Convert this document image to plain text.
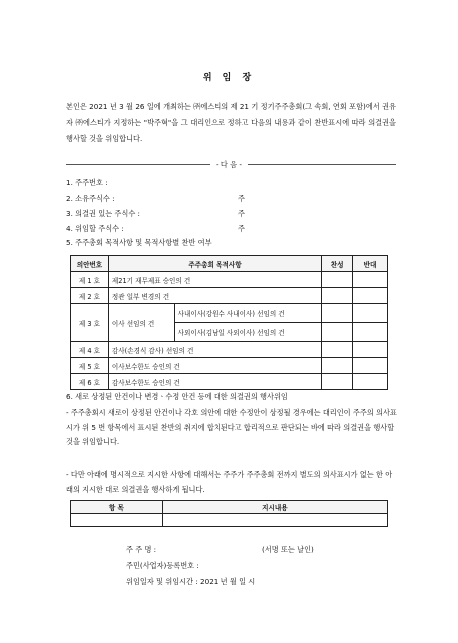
위 임 장
본인은 2021 년 3 월 26 일에 개최하는 ㈜에스티의 제 21 기 정기주주총회(그 속회, 연회 포함)에서 권유자 ㈜에스티가 지정하는 "박주혁"을 그 대리인으로 정하고 다음의 내용과 같이 찬반표시에 따라 의결권을 행사할 것을 위임합니다.
- 다 음 -
1. 주주번호 :
2. 소유주식수 :	주
3. 의결권 있는 주식수 :	주
4. 위임할 주식수 :	주
5. 주주총회 목적사항 및 목적사항별 찬반 여부
의안번호	주주총회 목적사항		찬성	반대
제 1 호	제21기 재무제표 승인의 건			
제 2 호	정관 일부 변경의 건			
제 3 호	이사 선임의 건	사내이사(강원수 사내이사) 선임의 건		
		사외이사(김남일 사외이사) 선임의 건		
제 4 호	감사(손경식 감사) 선임의 건			
제 5 호	이사보수한도 승인의 건			
제 6 호	감사보수한도 승인의 건			
6. 새로 상정된 안건이나 변경ㆍ수정 안건 등에 대한 의결권의 행사위임
- 주주총회시 새로이 상정된 안건이나 각호 의안에 대한 수정안이 상정될 경우에는 대리인이 주주의 의사표시가 위 5 번 항목에서 표시된 찬반의 취지에 합치된다고 합리적으로 판단되는 바에 따라 의결권을 행사할 것을 위임합니다.
- 다만 아래에 명시적으로 지시한 사항에 대해서는 주주가 주주총회 전까지 별도의 의사표시가 없는 한 아래의 지시한 대로 의결권을 행사하게 됩니다.
항 목	지시내용

주 주 명 :	(서명 또는 날인)
주민(사업자)등록번호 :
위임일자 및 위임시간 : 2021 년 월 일 시
